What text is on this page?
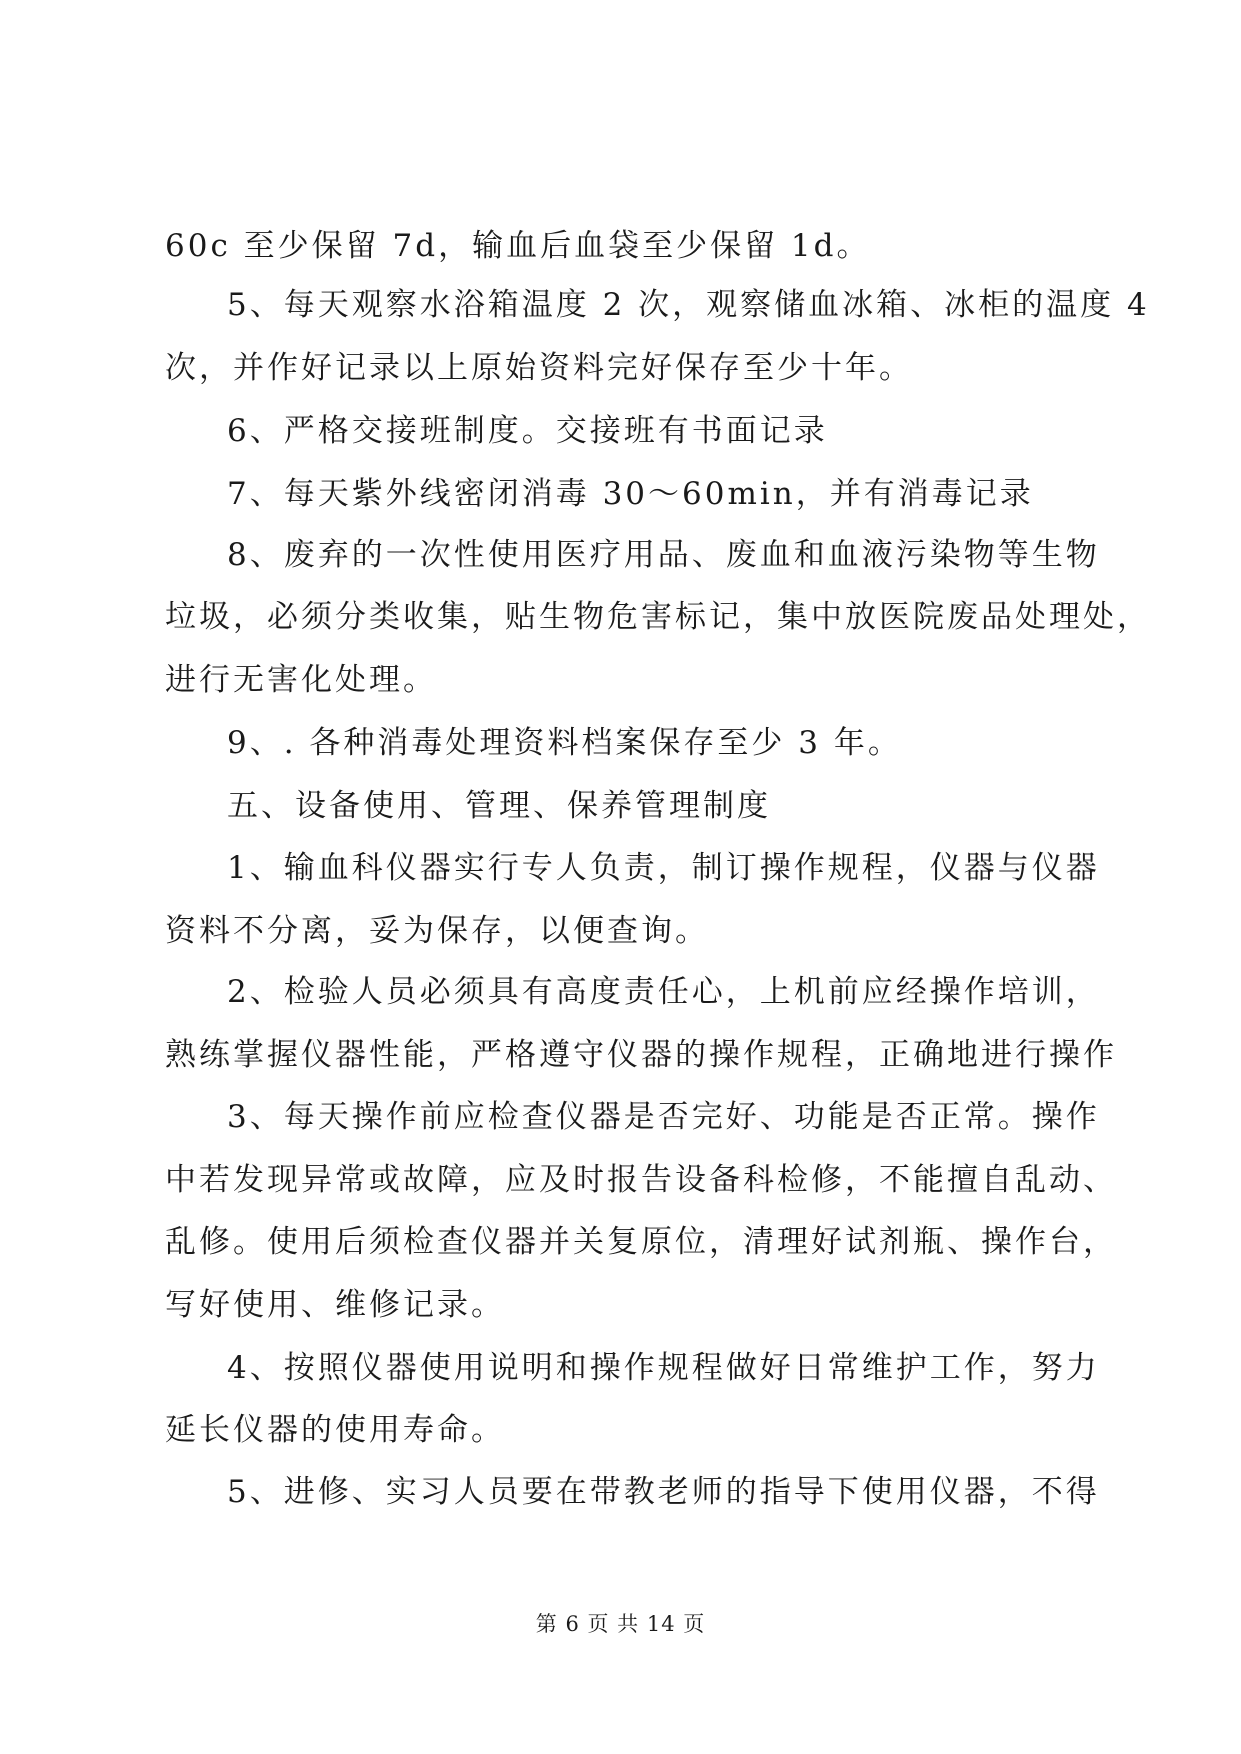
60c 至少保留 7d，输血后血袋至少保留 1d。
5、每天观察水浴箱温度 2 次，观察储血冰箱、冰柜的温度 4
次，并作好记录以上原始资料完好保存至少十年。
6、严格交接班制度。交接班有书面记录
7、每天紫外线密闭消毒 30～60min，并有消毒记录
8、废弃的一次性使用医疗用品、废血和血液污染物等生物
垃圾，必须分类收集，贴生物危害标记，集中放医院废品处理处，
进行无害化处理。
9、. 各种消毒处理资料档案保存至少 3 年。
五、设备使用、管理、保养管理制度
1、输血科仪器实行专人负责，制订操作规程，仪器与仪器
资料不分离，妥为保存，以便查询。
2、检验人员必须具有高度责任心，上机前应经操作培训，
熟练掌握仪器性能，严格遵守仪器的操作规程，正确地进行操作
3、每天操作前应检查仪器是否完好、功能是否正常。操作
中若发现异常或故障，应及时报告设备科检修，不能擅自乱动、
乱修。使用后须检查仪器并关复原位，清理好试剂瓶、操作台，
写好使用、维修记录。
4、按照仪器使用说明和操作规程做好日常维护工作，努力
延长仪器的使用寿命。
5、进修、实习人员要在带教老师的指导下使用仪器，不得
第 6 页 共 14 页
